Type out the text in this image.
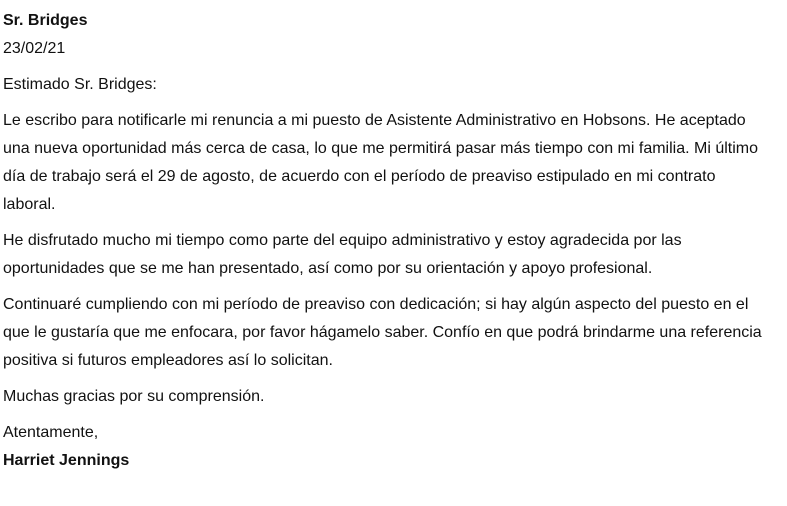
Sr. Bridges

23/02/21

Estimado Sr. Bridges:

Le escribo para notificarle mi renuncia a mi puesto de Asistente Administrativo en Hobsons. He aceptado

una nueva oportunidad más cerca de casa, lo que me permitirá pasar más tiempo con mi familia. Mi último

día de trabajo será el 29 de agosto, de acuerdo con el período de preaviso estipulado en mi contrato

laboral.

He disfrutado mucho mi tiempo como parte del equipo administrativo y estoy agradecida por las

oportunidades que se me han presentado, así como por su orientación y apoyo profesional.

Continuaré cumpliendo con mi período de preaviso con dedicación; si hay algún aspecto del puesto en el

que le gustaría que me enfocara, por favor hágamelo saber. Confío en que podrá brindarme una referencia

positiva si futuros empleadores así lo solicitan.

Muchas gracias por su comprensión.

Atentamente,

Harriet Jennings
